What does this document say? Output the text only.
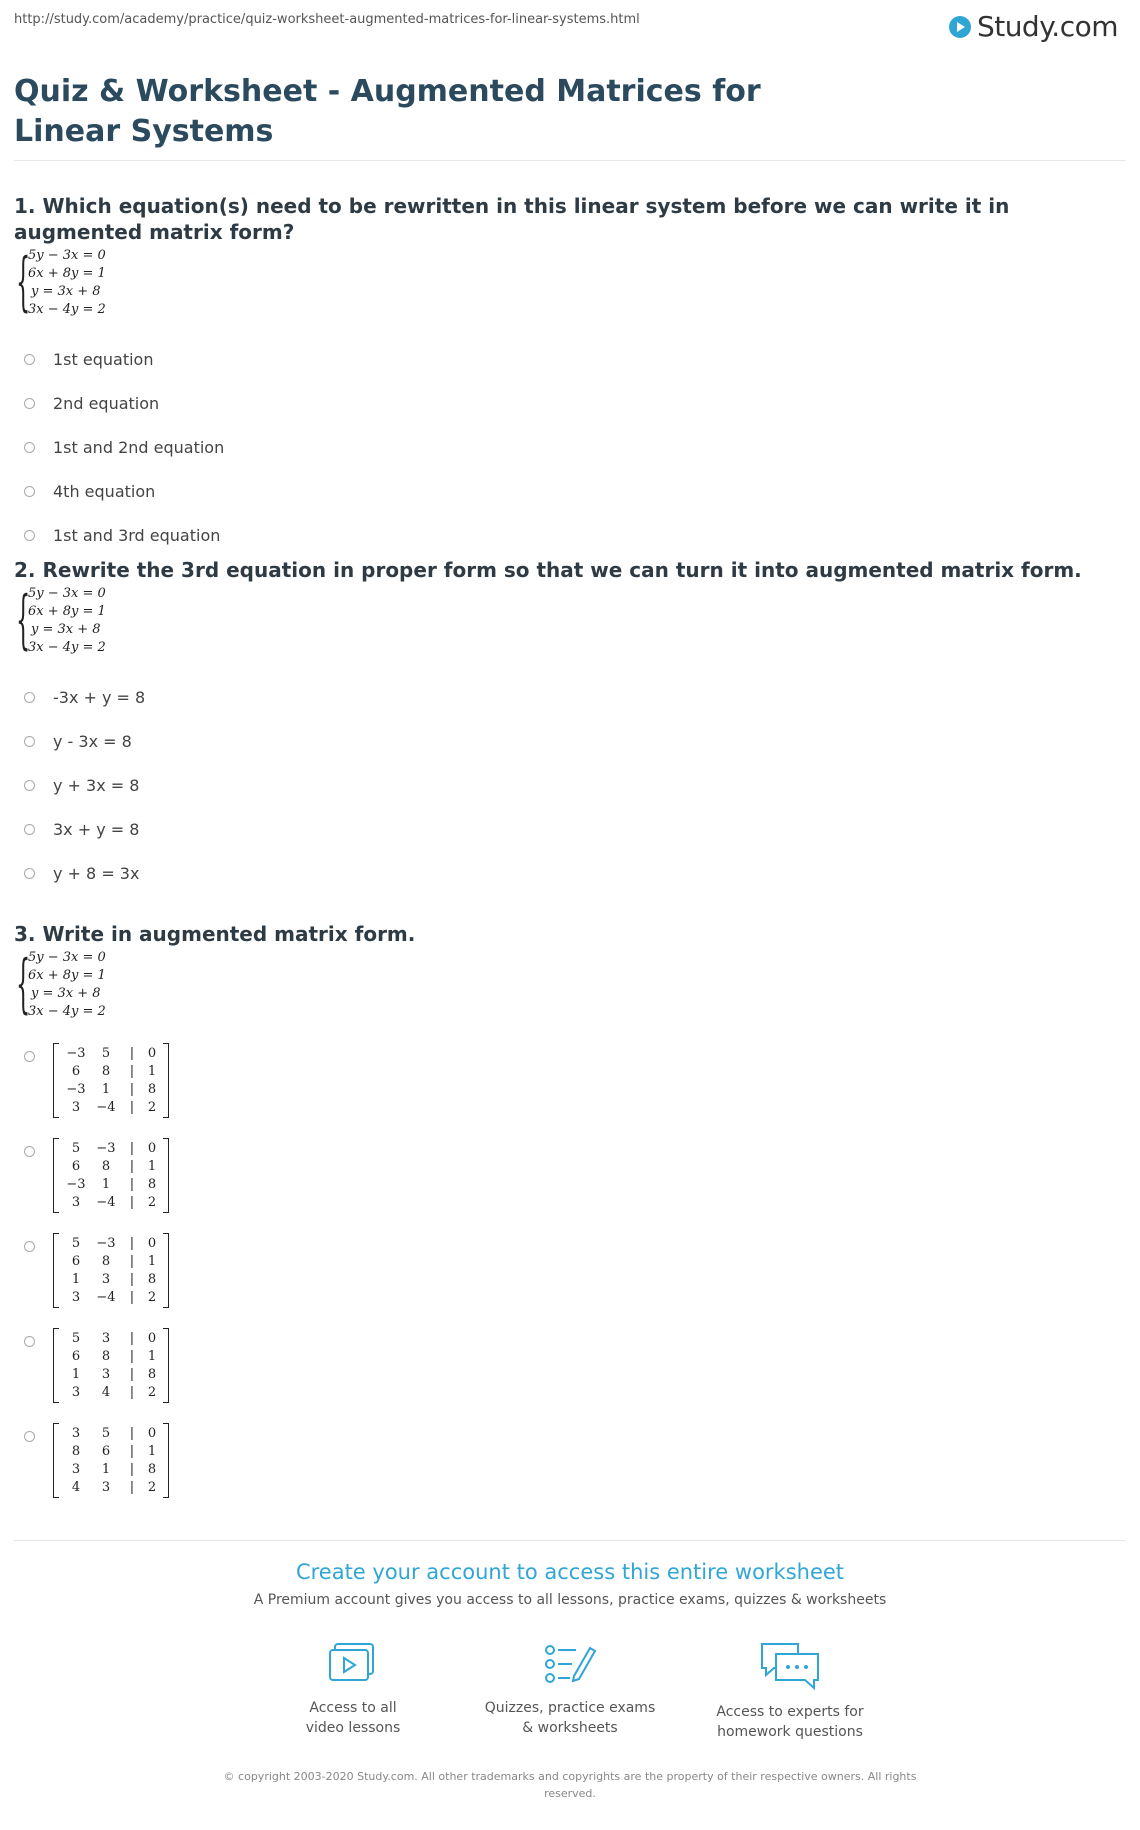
http://study.com/academy/practice/quiz-worksheet-augmented-matrices-for-linear-systems.html	Study.com
Quiz & Worksheet - Augmented Matrices for Linear Systems
1. Which equation(s) need to be rewritten in this linear system before we can write it in augmented matrix form?
{
5y − 3x = 0
6x + 8y = 1
y = 3x + 8
3x − 4y = 2
1st equation
2nd equation
1st and 2nd equation
4th equation
1st and 3rd equation
2. Rewrite the 3rd equation in proper form so that we can turn it into augmented matrix form.
{
5y − 3x = 0
6x + 8y = 1
y = 3x + 8
3x − 4y = 2
-3x + y = 8
y - 3x = 8
y + 3x = 8
3x + y = 8
y + 8 = 3x
3. Write in augmented matrix form.
{
5y − 3x = 0
6x + 8y = 1
y = 3x + 8
3x − 4y = 2
−3	5	|	0
6	8	|	1
−3	1	|	8
3	−4	|	2
5	−3	|	0
6	8	|	1
−3	1	|	8
3	−4	|	2
5	−3	|	0
6	8	|	1
1	3	|	8
3	−4	|	2
5	3	|	0
6	8	|	1
1	3	|	8
3	4	|	2
3	5	|	0
8	6	|	1
3	1	|	8
4	3	|	2
Create your account to access this entire worksheet
A Premium account gives you access to all lessons, practice exams, quizzes & worksheets
Access to all
video lessons
Quizzes, practice exams
& worksheets
Access to experts for
homework questions
© copyright 2003-2020 Study.com. All other trademarks and copyrights are the property of their respective owners. All rights reserved.
